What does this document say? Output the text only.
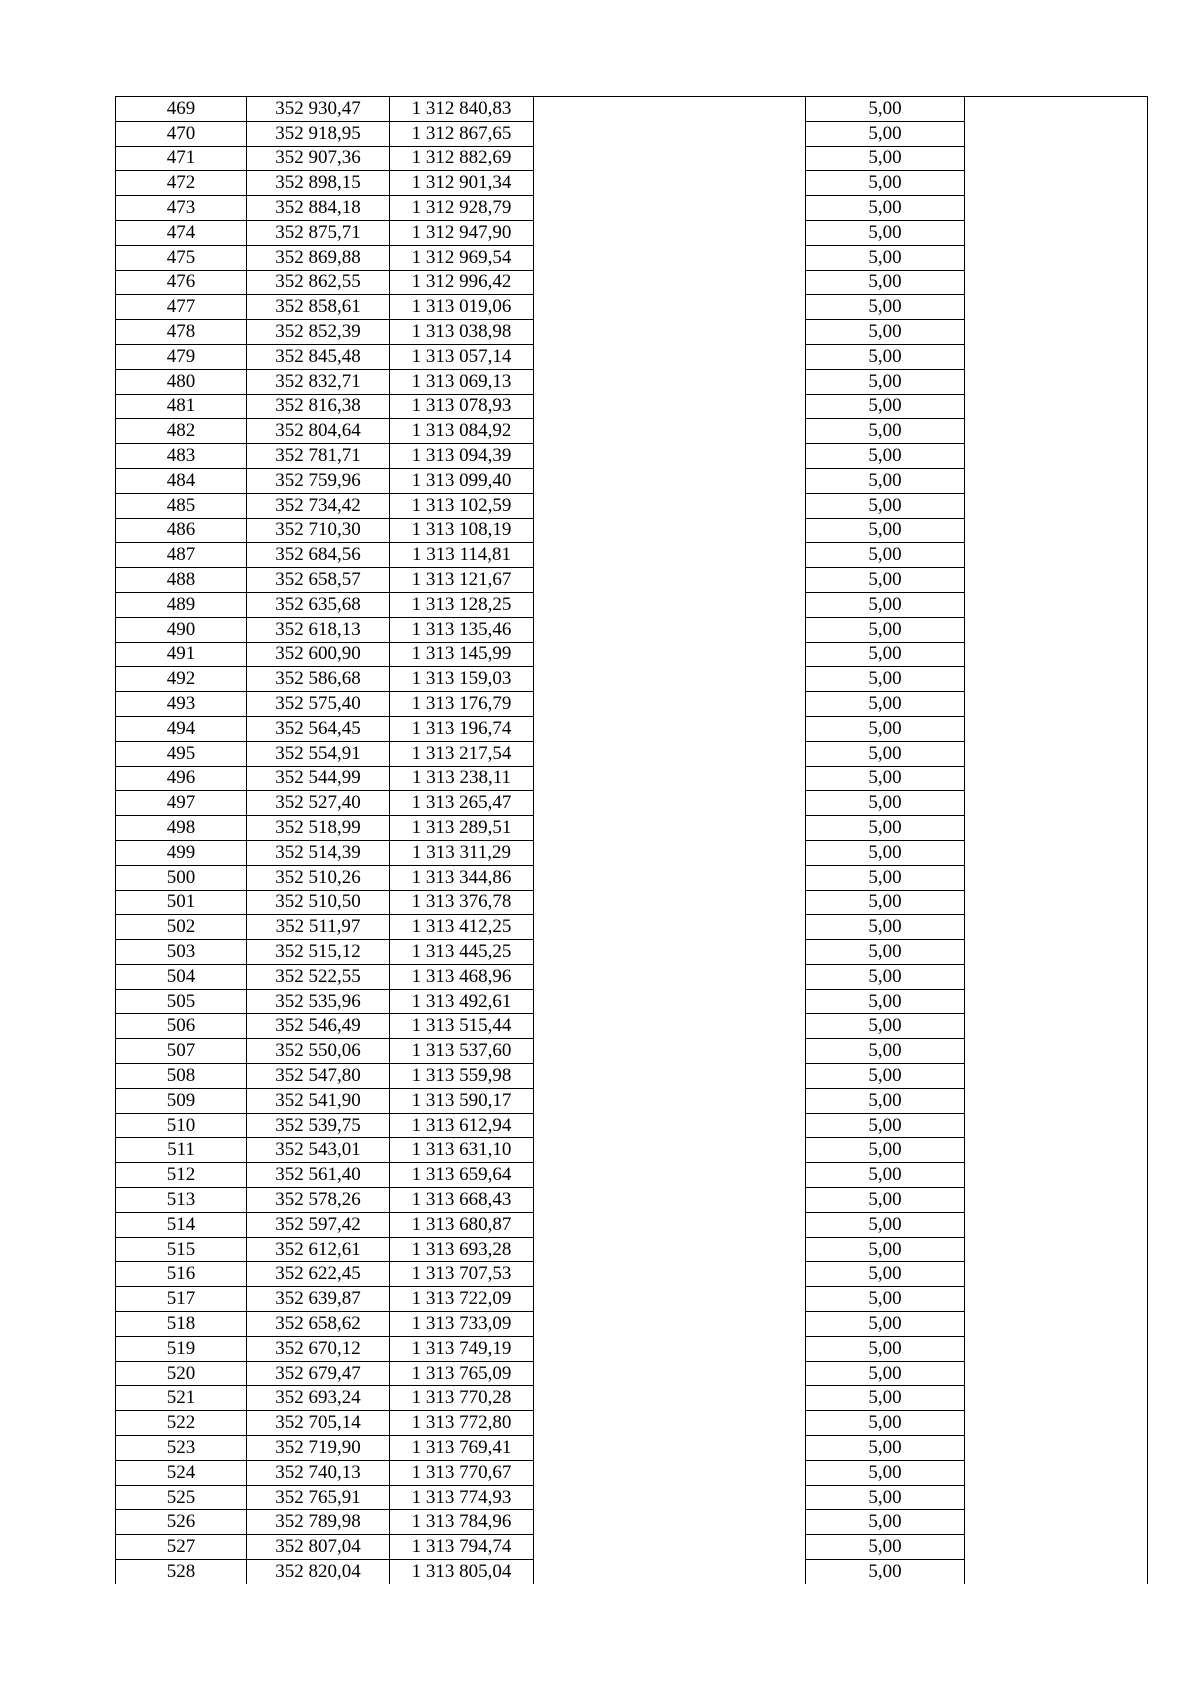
469	352 930,47	1 312 840,83		5,00	
470	352 918,95	1 312 867,65		5,00	
471	352 907,36	1 312 882,69		5,00	
472	352 898,15	1 312 901,34		5,00	
473	352 884,18	1 312 928,79		5,00	
474	352 875,71	1 312 947,90		5,00	
475	352 869,88	1 312 969,54		5,00	
476	352 862,55	1 312 996,42		5,00	
477	352 858,61	1 313 019,06		5,00	
478	352 852,39	1 313 038,98		5,00	
479	352 845,48	1 313 057,14		5,00	
480	352 832,71	1 313 069,13		5,00	
481	352 816,38	1 313 078,93		5,00	
482	352 804,64	1 313 084,92		5,00	
483	352 781,71	1 313 094,39		5,00	
484	352 759,96	1 313 099,40		5,00	
485	352 734,42	1 313 102,59		5,00	
486	352 710,30	1 313 108,19		5,00	
487	352 684,56	1 313 114,81		5,00	
488	352 658,57	1 313 121,67		5,00	
489	352 635,68	1 313 128,25		5,00	
490	352 618,13	1 313 135,46		5,00	
491	352 600,90	1 313 145,99		5,00	
492	352 586,68	1 313 159,03		5,00	
493	352 575,40	1 313 176,79		5,00	
494	352 564,45	1 313 196,74		5,00	
495	352 554,91	1 313 217,54		5,00	
496	352 544,99	1 313 238,11		5,00	
497	352 527,40	1 313 265,47		5,00	
498	352 518,99	1 313 289,51		5,00	
499	352 514,39	1 313 311,29		5,00	
500	352 510,26	1 313 344,86		5,00	
501	352 510,50	1 313 376,78		5,00	
502	352 511,97	1 313 412,25		5,00	
503	352 515,12	1 313 445,25		5,00	
504	352 522,55	1 313 468,96		5,00	
505	352 535,96	1 313 492,61		5,00	
506	352 546,49	1 313 515,44		5,00	
507	352 550,06	1 313 537,60		5,00	
508	352 547,80	1 313 559,98		5,00	
509	352 541,90	1 313 590,17		5,00	
510	352 539,75	1 313 612,94		5,00	
511	352 543,01	1 313 631,10		5,00	
512	352 561,40	1 313 659,64		5,00	
513	352 578,26	1 313 668,43		5,00	
514	352 597,42	1 313 680,87		5,00	
515	352 612,61	1 313 693,28		5,00	
516	352 622,45	1 313 707,53		5,00	
517	352 639,87	1 313 722,09		5,00	
518	352 658,62	1 313 733,09		5,00	
519	352 670,12	1 313 749,19		5,00	
520	352 679,47	1 313 765,09		5,00	
521	352 693,24	1 313 770,28		5,00	
522	352 705,14	1 313 772,80		5,00	
523	352 719,90	1 313 769,41		5,00	
524	352 740,13	1 313 770,67		5,00	
525	352 765,91	1 313 774,93		5,00	
526	352 789,98	1 313 784,96		5,00	
527	352 807,04	1 313 794,74		5,00	
528	352 820,04	1 313 805,04		5,00	
